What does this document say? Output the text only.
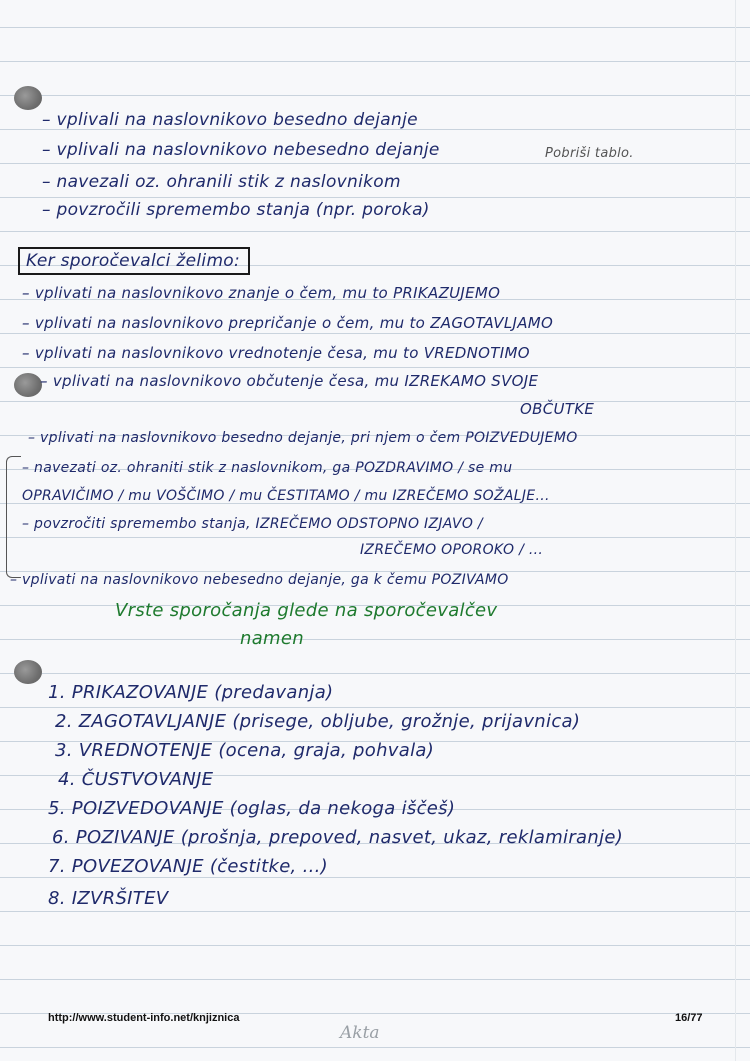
– vplivali na naslovnikovo besedno dejanje
– vplivali na naslovnikovo nebesedno dejanje	Pobriši tablo.
– navezali oz. ohranili stik z naslovnikom
– povzročili spremembo stanja (npr. poroka)
Ker sporočevalci želimo:
– vplivati na naslovnikovo znanje o čem, mu to PRIKAZUJEMO
– vplivati na naslovnikovo prepričanje o čem, mu to ZAGOTAVLJAMO
– vplivati na naslovnikovo vrednotenje česa, mu to VREDNOTIMO
– vplivati na naslovnikovo občutenje česa, mu IZREKAMO SVOJE
OBČUTKE
– vplivati na naslovnikovo besedno dejanje, pri njem o čem POIZVEDUJEMO
– navezati oz. ohraniti stik z naslovnikom, ga POZDRAVIMO / se mu
OPRAVIČIMO / mu VOŠČIMO / mu ČESTITAMO / mu IZREČEMO SOŽALJE...
– povzročiti spremembo stanja, IZREČEMO ODSTOPNO IZJAVO /
IZREČEMO OPOROKO / ...
– vplivati na naslovnikovo nebesedno dejanje, ga k čemu POZIVAMO
Vrste sporočanja glede na sporočevalčev
namen
1. PRIKAZOVANJE (predavanja)
2. ZAGOTAVLJANJE (prisege, obljube, grožnje, prijavnica)
3. VREDNOTENJE (ocena, graja, pohvala)
4. ČUSTVOVANJE
5. POIZVEDOVANJE (oglas, da nekoga iščeš)
6. POZIVANJE (prošnja, prepoved, nasvet, ukaz, reklamiranje)
7. POVEZOVANJE (čestitke, ...)
8. IZVRŠITEV
http://www.student-info.net/knjiznica	16/77
Akta
